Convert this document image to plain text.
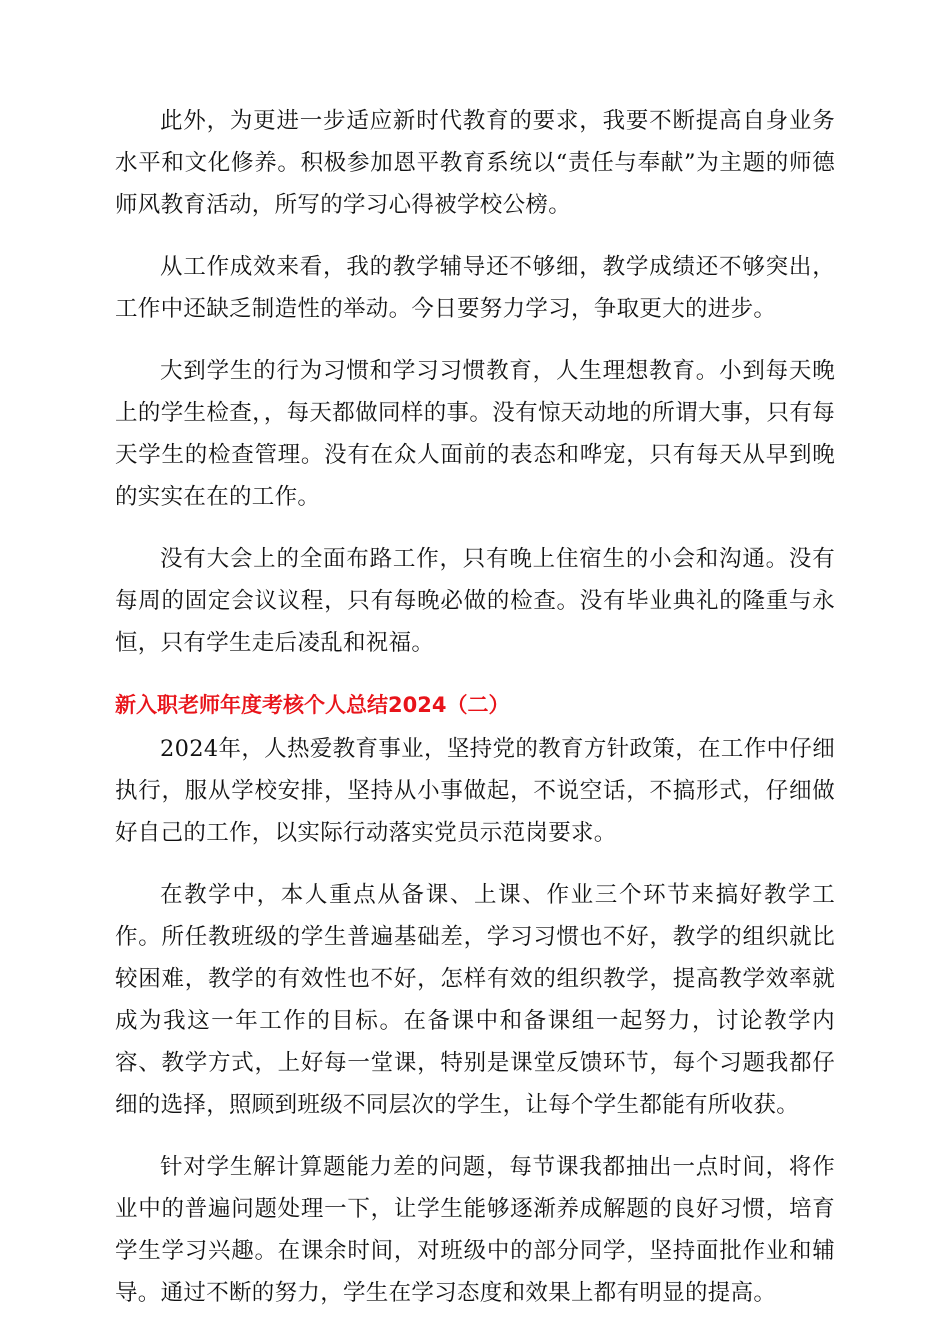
此外，为更进一步适应新时代教育的要求，我要不断提高自身业务水平和文化修养。积极参加恩平教育系统以“责任与奉献”为主题的师德师风教育活动，所写的学习心得被学校公榜。

从工作成效来看，我的教学辅导还不够细，教学成绩还不够突出，工作中还缺乏制造性的举动。今日要努力学习，争取更大的进步。

大到学生的行为习惯和学习习惯教育，人生理想教育。小到每天晚上的学生检查，，每天都做同样的事。没有惊天动地的所谓大事，只有每天学生的检查管理。没有在众人面前的表态和哗宠，只有每天从早到晚的实实在在的工作。

没有大会上的全面布路工作，只有晚上住宿生的小会和沟通。没有每周的固定会议议程，只有每晚必做的检查。没有毕业典礼的隆重与永恒，只有学生走后凌乱和祝福。

新入职老师年度考核个人总结2024（二）

2024年，人热爱教育事业，坚持党的教育方针政策，在工作中仔细执行，服从学校安排，坚持从小事做起，不说空话，不搞形式，仔细做好自己的工作，以实际行动落实党员示范岗要求。

在教学中，本人重点从备课、上课、作业三个环节来搞好教学工作。所任教班级的学生普遍基础差，学习习惯也不好，教学的组织就比较困难，教学的有效性也不好，怎样有效的组织教学，提高教学效率就成为我这一年工作的目标。在备课中和备课组一起努力，讨论教学内容、教学方式，上好每一堂课，特别是课堂反馈环节，每个习题我都仔细的选择，照顾到班级不同层次的学生，让每个学生都能有所收获。

针对学生解计算题能力差的问题，每节课我都抽出一点时间，将作业中的普遍问题处理一下，让学生能够逐渐养成解题的良好习惯，培育学生学习兴趣。在课余时间，对班级中的部分同学，坚持面批作业和辅导。通过不断的努力，学生在学习态度和效果上都有明显的提高。
